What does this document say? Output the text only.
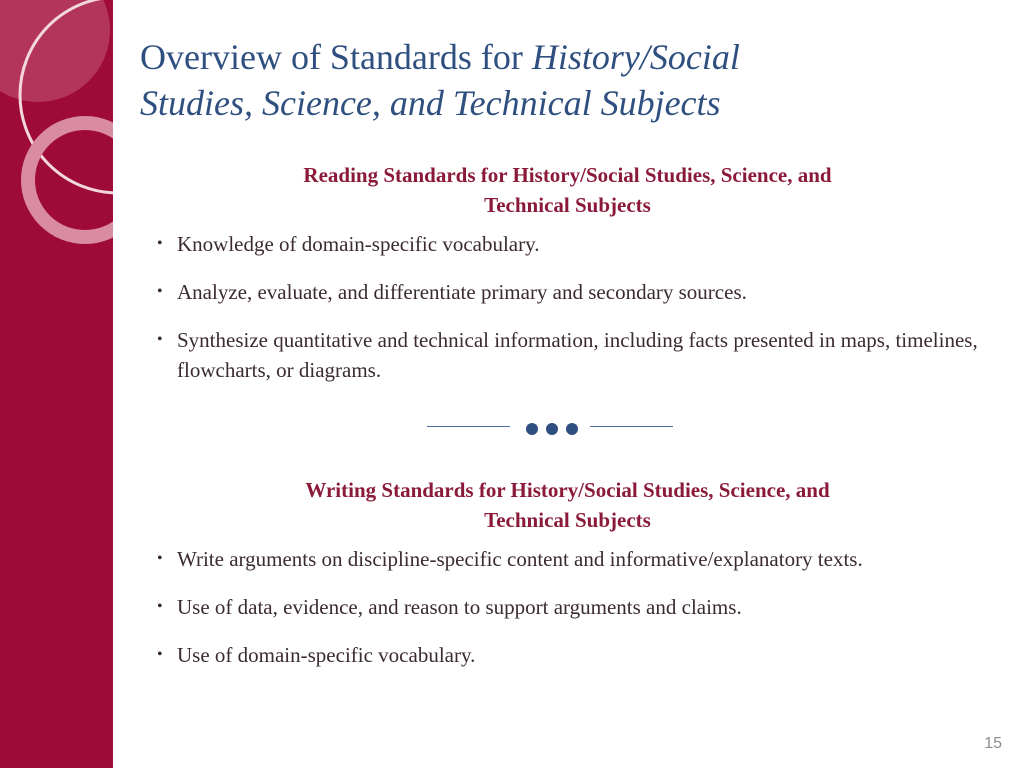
Overview of Standards for History/Social
Studies, Science, and Technical Subjects
Reading Standards for History/Social Studies, Science, and
Technical Subjects
• Knowledge of domain-specific vocabulary.
• Analyze, evaluate, and differentiate primary and secondary sources.
• Synthesize quantitative and technical information, including facts presented in maps, timelines, flowcharts, or diagrams.
Writing Standards for History/Social Studies, Science, and
Technical Subjects
• Write arguments on discipline-specific content and informative/explanatory texts.
• Use of data, evidence, and reason to support arguments and claims.
• Use of domain-specific vocabulary.
15
